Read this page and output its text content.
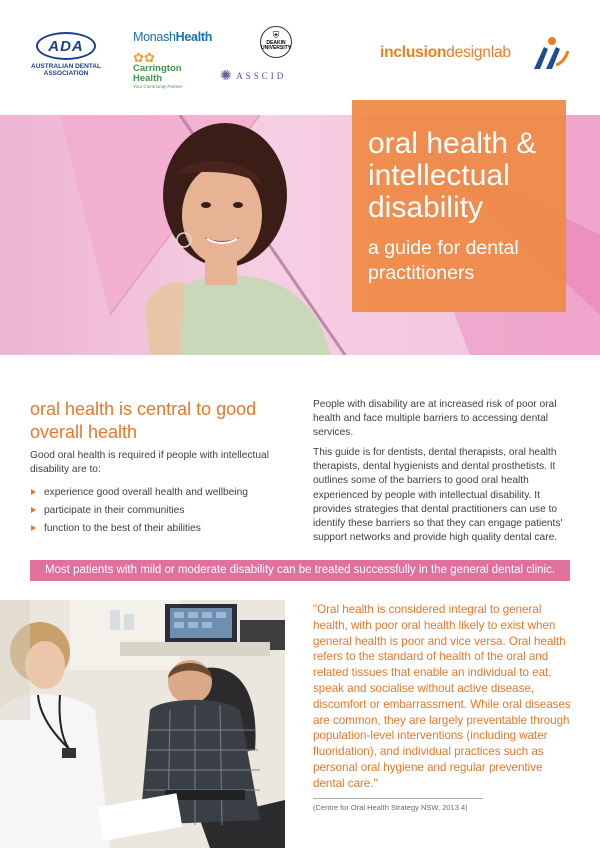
ADA
AUSTRALIAN DENTAL ASSOCIATION
MonashHealth
✿✿
Carrington Health
Your Community Partner
⛨
DEAKIN UNIVERSITY
✺ ASSCID
inclusiondesignlab
oral health & intellectual disability
a guide for dental practitioners
oral health is central to good overall health
Good oral health is required if people with intellectual disability are to:
experience good overall health and wellbeing
participate in their communities
function to the best of their abilities
People with disability are at increased risk of poor oral health and face multiple barriers to accessing dental services.
This guide is for dentists, dental therapists, oral health therapists, dental hygienists and dental prosthetists. It outlines some of the barriers to good oral health experienced by people with intellectual disability. It provides strategies that dental practitioners can use to identify these barriers so that they can engage patients' support networks and provide high quality dental care.
Most patients with mild or moderate disability can be treated successfully in the general dental clinic.
"Oral health is considered integral to general health, with poor oral health likely to exist when general health is poor and vice versa. Oral health refers to the standard of health of the oral and related tissues that enable an individual to eat, speak and socialise without active disease, discomfort or embarrassment. While oral diseases are common, they are largely preventable through population-level interventions (including water fluoridation), and individual practices such as personal oral hygiene and regular preventive dental care."
(Centre for Oral Health Strategy NSW, 2013 4)
